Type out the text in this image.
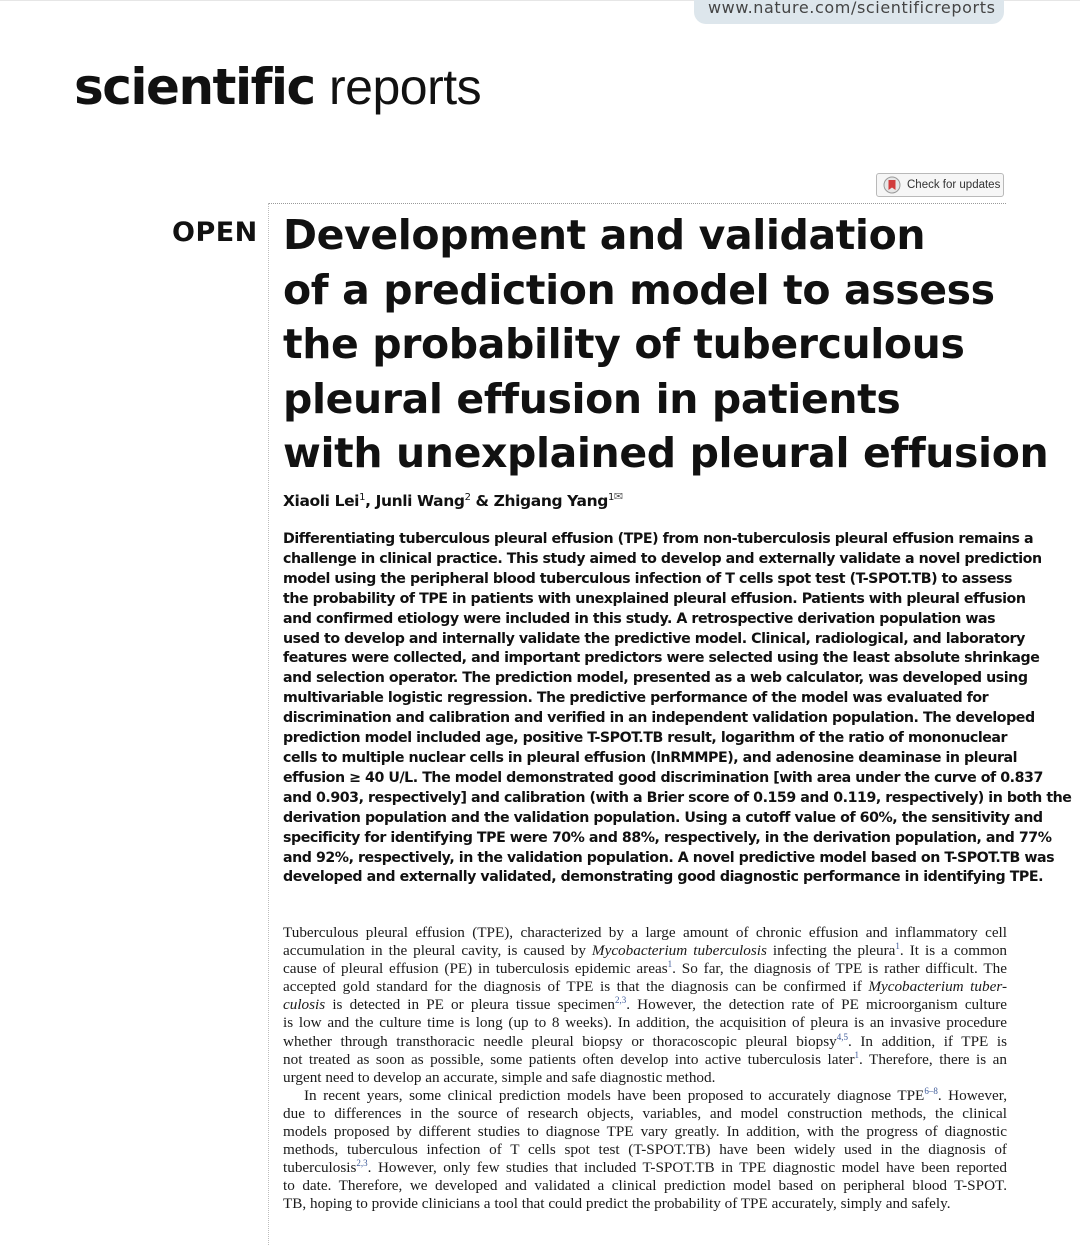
www.nature.com/scientificreports
scientific reports
Check for updates
OPEN Development and validation
of a prediction model to assess
the probability of tuberculous
pleural effusion in patients
with unexplained pleural effusion
Xiaoli Lei$^1$, Junli Wang$^2$ & Zhigang Yang$^{1✉}$
Differentiating tuberculous pleural effusion (TPE) from non-tuberculosis pleural effusion remains a
challenge in clinical practice. This study aimed to develop and externally validate a novel prediction
model using the peripheral blood tuberculous infection of T cells spot test (T-SPOT.TB) to assess
the probability of TPE in patients with unexplained pleural effusion. Patients with pleural effusion
and confirmed etiology were included in this study. A retrospective derivation population was
used to develop and internally validate the predictive model. Clinical, radiological, and laboratory
features were collected, and important predictors were selected using the least absolute shrinkage
and selection operator. The prediction model, presented as a web calculator, was developed using
multivariable logistic regression. The predictive performance of the model was evaluated for
discrimination and calibration and verified in an independent validation population. The developed
prediction model included age, positive T-SPOT.TB result, logarithm of the ratio of mononuclear
cells to multiple nuclear cells in pleural effusion (lnRMMPE), and adenosine deaminase in pleural
effusion ≥ 40 U/L. The model demonstrated good discrimination [with area under the curve of 0.837
and 0.903, respectively] and calibration (with a Brier score of 0.159 and 0.119, respectively) in both the
derivation population and the validation population. Using a cutoff value of 60%, the sensitivity and
specificity for identifying TPE were 70% and 88%, respectively, in the derivation population, and 77%
and 92%, respectively, in the validation population. A novel predictive model based on T-SPOT.TB was
developed and externally validated, demonstrating good diagnostic performance in identifying TPE.
Tuberculous pleural effusion (TPE), characterized by a large amount of chronic effusion and inflammatory cell
accumulation in the pleural cavity, is caused by Mycobacterium tuberculosis infecting the pleura$^1$. It is a common
cause of pleural effusion (PE) in tuberculosis epidemic areas$^1$. So far, the diagnosis of TPE is rather difficult. The
accepted gold standard for the diagnosis of TPE is that the diagnosis can be confirmed if Mycobacterium tuber-
culosis is detected in PE or pleura tissue specimen$^{2,3}$. However, the detection rate of PE microorganism culture
is low and the culture time is long (up to 8 weeks). In addition, the acquisition of pleura is an invasive procedure
whether through transthoracic needle pleural biopsy or thoracoscopic pleural biopsy$^{4,5}$. In addition, if TPE is
not treated as soon as possible, some patients often develop into active tuberculosis later$^1$. Therefore, there is an
urgent need to develop an accurate, simple and safe diagnostic method.
In recent years, some clinical prediction models have been proposed to accurately diagnose TPE$^{6-8}$. However,
due to differences in the source of research objects, variables, and model construction methods, the clinical
models proposed by different studies to diagnose TPE vary greatly. In addition, with the progress of diagnostic
methods, tuberculous infection of T cells spot test (T-SPOT.TB) have been widely used in the diagnosis of
tuberculosis$^{2,3}$. However, only few studies that included T-SPOT.TB in TPE diagnostic model have been reported
to date. Therefore, we developed and validated a clinical prediction model based on peripheral blood T-SPOT.
TB, hoping to provide clinicians a tool that could predict the probability of TPE accurately, simply and safely.
